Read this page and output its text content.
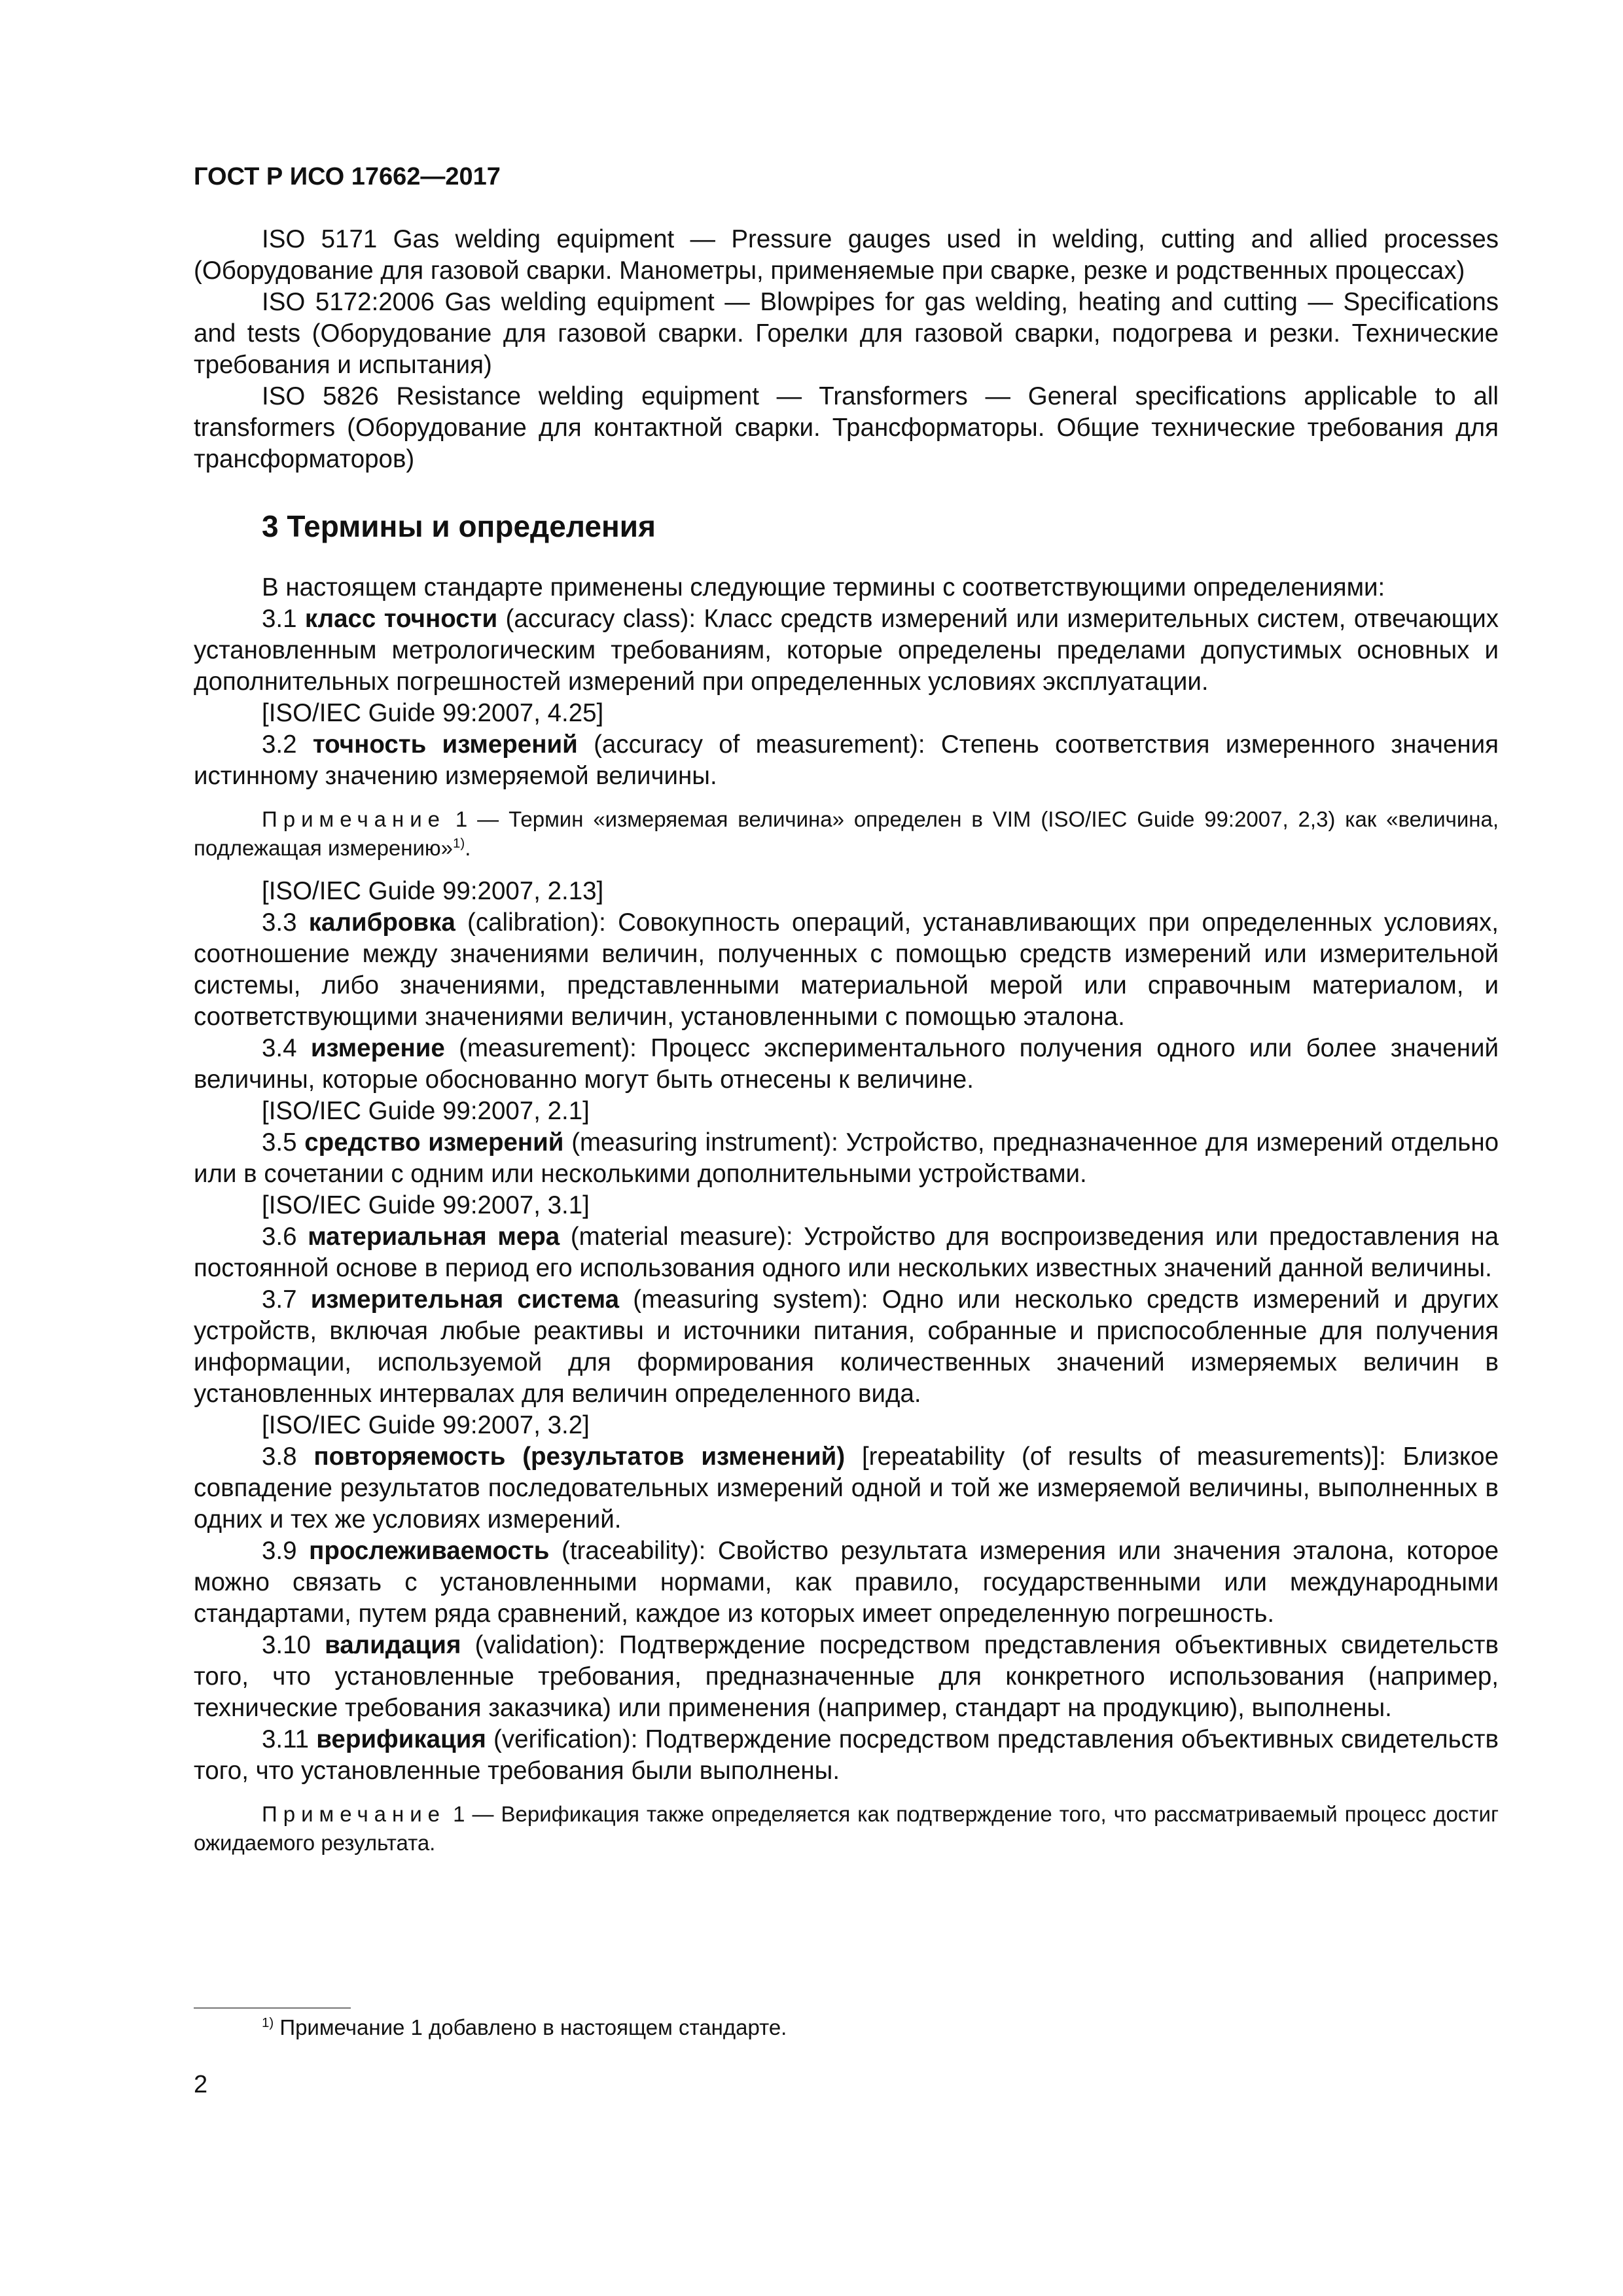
ГОСТ Р ИСО 17662—2017

ISO 5171 Gas welding equipment — Pressure gauges used in welding, cutting and allied processes (Оборудование для газовой сварки. Манометры, применяемые при сварке, резке и родственных процессах)

ISO 5172:2006 Gas welding equipment — Blowpipes for gas welding, heating and cutting — Specifications and tests (Оборудование для газовой сварки. Горелки для газовой сварки, подогрева и резки. Технические требования и испытания)

ISO 5826 Resistance welding equipment — Transformers — General specifications applicable to all transformers (Оборудование для контактной сварки. Трансформаторы. Общие технические требования для трансформаторов)

3 Термины и определения

В настоящем стандарте применены следующие термины с соответствующими определениями:

3.1 класс точности (accuracy class): Класс средств измерений или измерительных систем, отвечающих установленным метрологическим требованиям, которые определены пределами допустимых основных и дополнительных погрешностей измерений при определенных условиях эксплуатации.

[ISO/IEC Guide 99:2007, 4.25]

3.2 точность измерений (accuracy of measurement): Степень соответствия измеренного значения истинному значению измеряемой величины.

Примечание 1 — Термин «измеряемая величина» определен в VIM (ISO/IEC Guide 99:2007, 2,3) как «величина, подлежащая измерению»$^{1)}$.

[ISO/IEC Guide 99:2007, 2.13]

3.3 калибровка (calibration): Совокупность операций, устанавливающих при определенных условиях, соотношение между значениями величин, полученных с помощью средств измерений или измерительной системы, либо значениями, представленными материальной мерой или справочным материалом, и соответствующими значениями величин, установленными с помощью эталона.

3.4 измерение (measurement): Процесс экспериментального получения одного или более значений величины, которые обоснованно могут быть отнесены к величине.

[ISO/IEC Guide 99:2007, 2.1]

3.5 средство измерений (measuring instrument): Устройство, предназначенное для измерений отдельно или в сочетании с одним или несколькими дополнительными устройствами.

[ISO/IEC Guide 99:2007, 3.1]

3.6 материальная мера (material measure): Устройство для воспроизведения или предоставления на постоянной основе в период его использования одного или нескольких известных значений данной величины.

3.7 измерительная система (measuring system): Одно или несколько средств измерений и других устройств, включая любые реактивы и источники питания, собранные и приспособленные для получения информации, используемой для формирования количественных значений измеряемых величин в установленных интервалах для величин определенного вида.

[ISO/IEC Guide 99:2007, 3.2]

3.8 повторяемость (результатов изменений) [repeatability (of results of measurements)]: Близкое совпадение результатов последовательных измерений одной и той же измеряемой величины, выполненных в одних и тех же условиях измерений.

3.9 прослеживаемость (traceability): Свойство результата измерения или значения эталона, которое можно связать с установленными нормами, как правило, государственными или международными стандартами, путем ряда сравнений, каждое из которых имеет определенную погрешность.

3.10 валидация (validation): Подтверждение посредством представления объективных свидетельств того, что установленные требования, предназначенные для конкретного использования (например, технические требования заказчика) или применения (например, стандарт на продукцию), выполнены.

3.11 верификация (verification): Подтверждение посредством представления объективных свидетельств того, что установленные требования были выполнены.

Примечание 1 — Верификация также определяется как подтверждение того, что рассматриваемый процесс достиг ожидаемого результата.

$^{1)}$ Примечание 1 добавлено в настоящем стандарте.

2
